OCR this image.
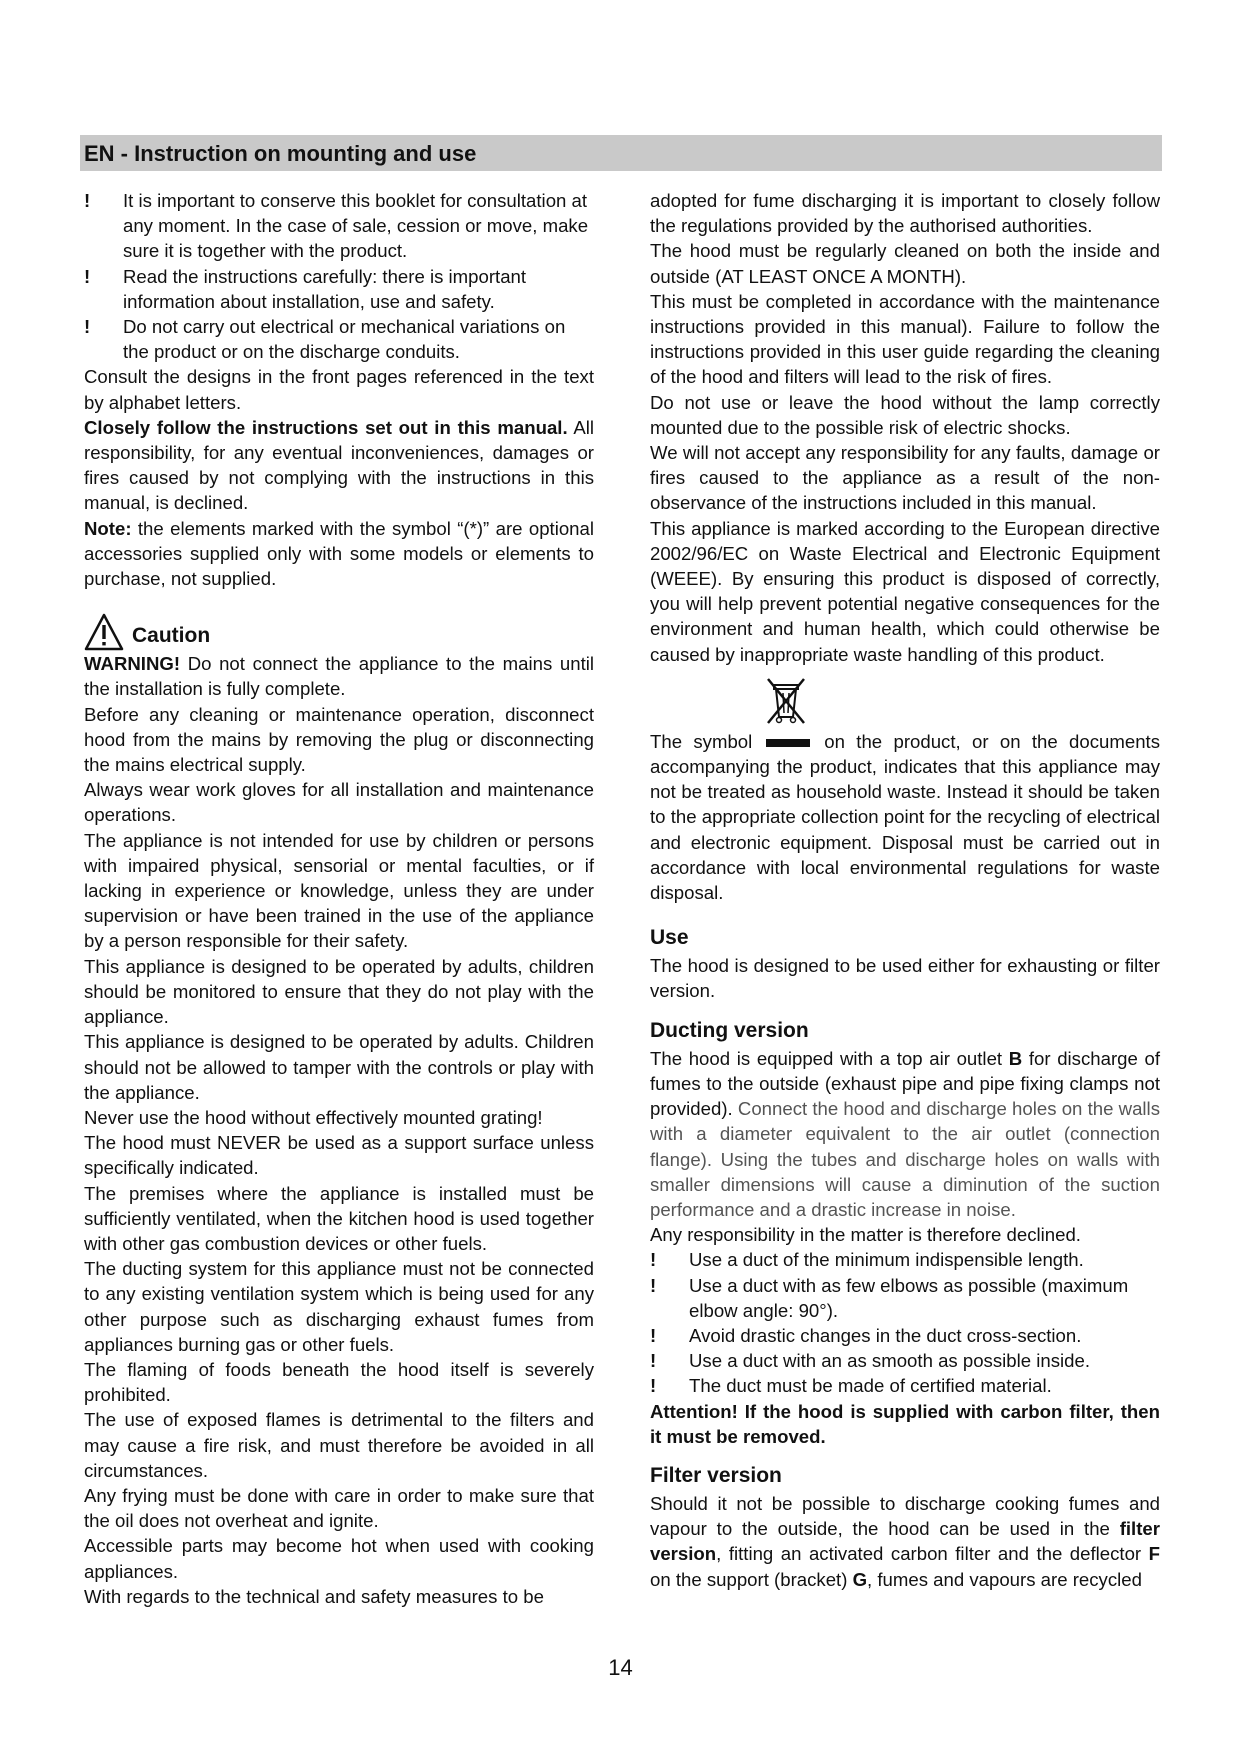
EN - Instruction on mounting and use

! It is important to conserve this booklet for consultation at any moment. In the case of sale, cession or move, make sure it is together with the product.

! Read the instructions carefully: there is important information about installation, use and safety.

! Do not carry out electrical or mechanical variations on the product or on the discharge conduits.

Consult the designs in the front pages referenced in the text by alphabet letters.

Closely follow the instructions set out in this manual. All responsibility, for any eventual inconveniences, damages or fires caused by not complying with the instructions in this manual, is declined.

Note: the elements marked with the symbol “(*)” are optional accessories supplied only with some models or elements to purchase, not supplied.

Caution

WARNING! Do not connect the appliance to the mains until the installation is fully complete.

Before any cleaning or maintenance operation, disconnect hood from the mains by removing the plug or disconnecting the mains electrical supply.

Always wear work gloves for all installation and maintenance operations.

The appliance is not intended for use by children or persons with impaired physical, sensorial or mental faculties, or if lacking in experience or knowledge, unless they are under supervision or have been trained in the use of the appliance by a person responsible for their safety.

This appliance is designed to be operated by adults, children should be monitored to ensure that they do not play with the appliance.

This appliance is designed to be operated by adults. Children should not be allowed to tamper with the controls or play with the appliance.

Never use the hood without effectively mounted grating!

The hood must NEVER be used as a support surface unless specifically indicated.

The premises where the appliance is installed must be sufficiently ventilated, when the kitchen hood is used together with other gas combustion devices or other fuels.

The ducting system for this appliance must not be connected to any existing ventilation system which is being used for any other purpose such as discharging exhaust fumes from appliances burning gas or other fuels.

The flaming of foods beneath the hood itself is severely prohibited.

The use of exposed flames is detrimental to the filters and may cause a fire risk, and must therefore be avoided in all circumstances.

Any frying must be done with care in order to make sure that the oil does not overheat and ignite.

Accessible parts may become hot when used with cooking appliances.

With regards to the technical and safety measures to be

adopted for fume discharging it is important to closely follow the regulations provided by the authorised authorities.

The hood must be regularly cleaned on both the inside and outside (AT LEAST ONCE A MONTH).

This must be completed in accordance with the maintenance instructions provided in this manual). Failure to follow the instructions provided in this user guide regarding the cleaning of the hood and filters will lead to the risk of fires.

Do not use or leave the hood without the lamp correctly mounted due to the possible risk of electric shocks.

We will not accept any responsibility for any faults, damage or fires caused to the appliance as a result of the non-observance of the instructions included in this manual.

This appliance is marked according to the European directive 2002/96/EC on Waste Electrical and Electronic Equipment (WEEE). By ensuring this product is disposed of correctly, you will help prevent potential negative consequences for the environment and human health, which could otherwise be caused by inappropriate waste handling of this product.

The symbol	on the product, or on the documents accompanying the product, indicates that this appliance may not be treated as household waste. Instead it should be taken to the appropriate collection point for the recycling of electrical and electronic equipment. Disposal must be carried out in accordance with local environmental regulations for waste disposal.

Use

The hood is designed to be used either for exhausting or filter version.

Ducting version

The hood is equipped with a top air outlet B for discharge of fumes to the outside (exhaust pipe and pipe fixing clamps not provided). Connect the hood and discharge holes on the walls with a diameter equivalent to the air outlet (connection flange). Using the tubes and discharge holes on walls with smaller dimensions will cause a diminution of the suction performance and a drastic increase in noise.

Any responsibility in the matter is therefore declined.

! Use a duct of the minimum indispensible length.

! Use a duct with as few elbows as possible (maximum elbow angle: 90°).

! Avoid drastic changes in the duct cross-section.

! Use a duct with an as smooth as possible inside.

! The duct must be made of certified material.

Attention! If the hood is supplied with carbon filter, then it must be removed.

Filter version

Should it not be possible to discharge cooking fumes and vapour to the outside, the hood can be used in the filter version, fitting an activated carbon filter and the deflector F on the support (bracket) G, fumes and vapours are recycled

14
